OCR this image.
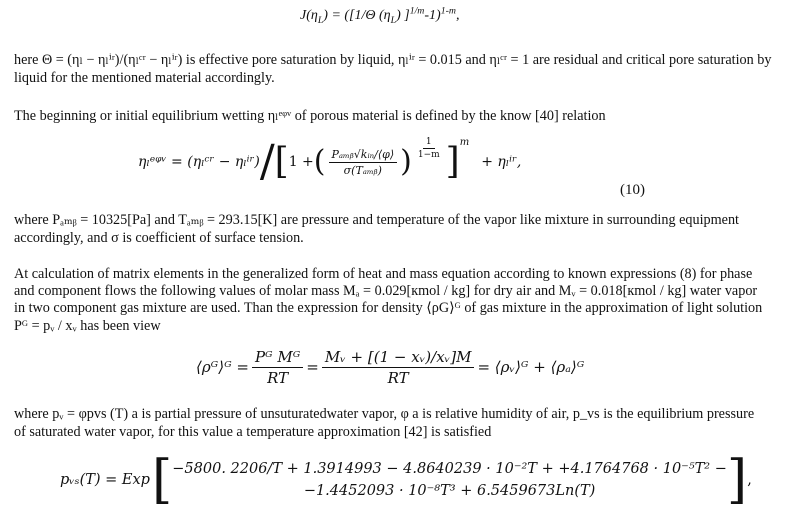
$J(\eta_L) = ([1/\Theta$ $(\eta_L)$ ]$^{1/m}$-1)$^{1-m}$,
here Θ = (ηₗ − ηₗⁱʳ)/(ηₗᶜʳ − ηₗⁱʳ) is effective pore saturation by liquid, ηₗⁱʳ = 0.015 and ηₗᶜʳ = 1 are residual and critical pore saturation by
liquid for the mentioned material accordingly.
The beginning or initial equilibrium wetting ηₗᵉᵠᵛ of porous material is defined by the know [40] relation
ηₗᵉᵠᵛ = (ηₗᶜʳ − ηₗⁱʳ) / [ 1 + ( $\frac{\text{Pₐₘᵦ√kᵢₙ/⟨φ⟩}}{\text{σ(Tₐₘᵦ)}}$ ) $\frac{1}{1-m}$ ] m
+ ηₗⁱʳ,
(10)
where Pₐₘᵦ = 10325[Pa] and Tₐₘᵦ = 293.15[K] are pressure and temperature of the vapor like mixture in surrounding equipment
accordingly, and σ is coefficient of surface tension.
At calculation of matrix elements in the generalized form of heat and mass equation according to known expressions (8) for phase
and component flows the following values of molar mass Mₐ = 0.029[кmol / kg] for dry air and Mᵥ = 0.018[кmol / kg] water vapor
in two component gas mixture are used. Than the expression for density ⟨ρG⟩ᴳ of gas mixture in the approximation of light solution
Pᴳ = pᵥ / xᵥ has been view
⟨ρᴳ⟩ᴳ = $\frac{\text{Pᴳ Mᴳ}}{RT} = \frac{\text{Mᵥ + [(1 − xᵥ)/xᵥ]M}}{RT}$ = ⟨ρᵥ⟩ᴳ + ⟨ρₐ⟩ᴳ
where pᵥ = φpvs (T) a is partial pressure of unsuturatedwater vapor, φ a is relative humidity of air, p_vs is the equilibrium pressure
of saturated water vapor, for this value a temperature approximation [42] is satisfied
pᵥₛ(T) = Exp [ −5800. 2206/T + 1.3914993 − 4.8640239 · 10⁻²T + +4.1764768 · 10⁻⁵T² −
−1.4452093 · 10⁻⁸T³ + 6.5459673Ln(T)	] ,
